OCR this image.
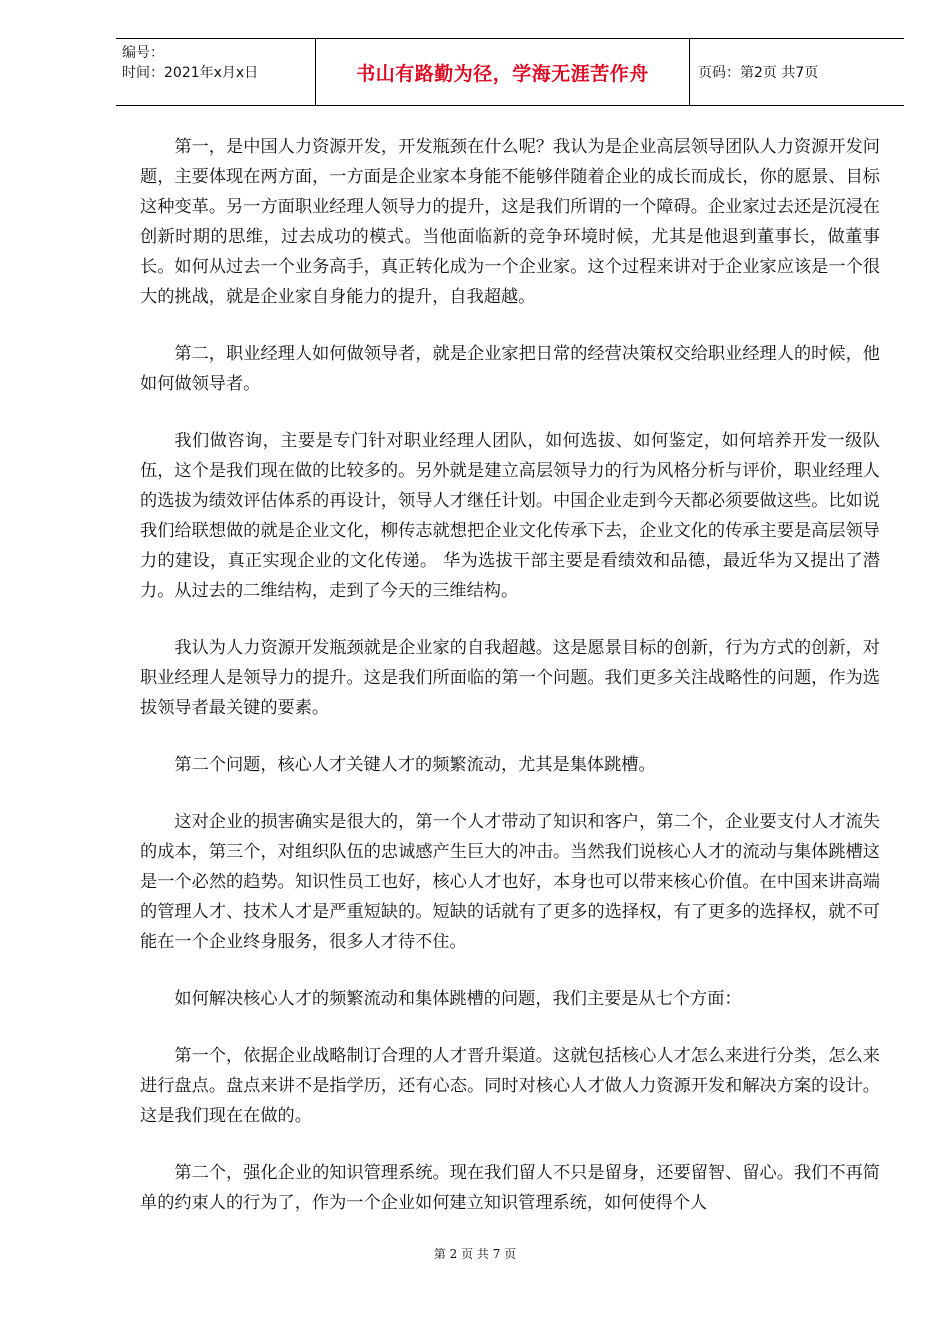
编号：
时间：2021年x月x日	书山有路勤为径，学海无涯苦作舟	页码：第2页 共7页

第一，是中国人力资源开发，开发瓶颈在什么呢？我认为是企业高层领导团队人力资源开发问题，主要体现在两方面，一方面是企业家本身能不能够伴随着企业的成长而成长，你的愿景、目标这种变革。另一方面职业经理人领导力的提升，这是我们所谓的一个障碍。企业家过去还是沉浸在创新时期的思维，过去成功的模式。当他面临新的竞争环境时候，尤其是他退到董事长，做董事长。如何从过去一个业务高手，真正转化成为一个企业家。这个过程来讲对于企业家应该是一个很大的挑战，就是企业家自身能力的提升，自我超越。

第二，职业经理人如何做领导者，就是企业家把日常的经营决策权交给职业经理人的时候，他如何做领导者。

我们做咨询，主要是专门针对职业经理人团队，如何选拔、如何鉴定，如何培养开发一级队伍，这个是我们现在做的比较多的。另外就是建立高层领导力的行为风格分析与评价，职业经理人的选拔为绩效评估体系的再设计，领导人才继任计划。中国企业走到今天都必须要做这些。比如说我们给联想做的就是企业文化，柳传志就想把企业文化传承下去，企业文化的传承主要是高层领导力的建设，真正实现企业的文化传递。 华为选拔干部主要是看绩效和品德，最近华为又提出了潜力。从过去的二维结构，走到了今天的三维结构。

我认为人力资源开发瓶颈就是企业家的自我超越。这是愿景目标的创新，行为方式的创新，对职业经理人是领导力的提升。这是我们所面临的第一个问题。我们更多关注战略性的问题，作为选拔领导者最关键的要素。

第二个问题，核心人才关键人才的频繁流动，尤其是集体跳槽。

这对企业的损害确实是很大的，第一个人才带动了知识和客户，第二个，企业要支付人才流失的成本，第三个，对组织队伍的忠诚感产生巨大的冲击。当然我们说核心人才的流动与集体跳槽这是一个必然的趋势。知识性员工也好，核心人才也好，本身也可以带来核心价值。在中国来讲高端的管理人才、技术人才是严重短缺的。短缺的话就有了更多的选择权，有了更多的选择权，就不可能在一个企业终身服务，很多人才待不住。

如何解决核心人才的频繁流动和集体跳槽的问题，我们主要是从七个方面：

第一个，依据企业战略制订合理的人才晋升渠道。这就包括核心人才怎么来进行分类，怎么来进行盘点。盘点来讲不是指学历，还有心态。同时对核心人才做人力资源开发和解决方案的设计。这是我们现在在做的。

第二个，强化企业的知识管理系统。现在我们留人不只是留身，还要留智、留心。我们不再简单的约束人的行为了，作为一个企业如何建立知识管理系统，如何使得个人

第 2 页 共 7 页
